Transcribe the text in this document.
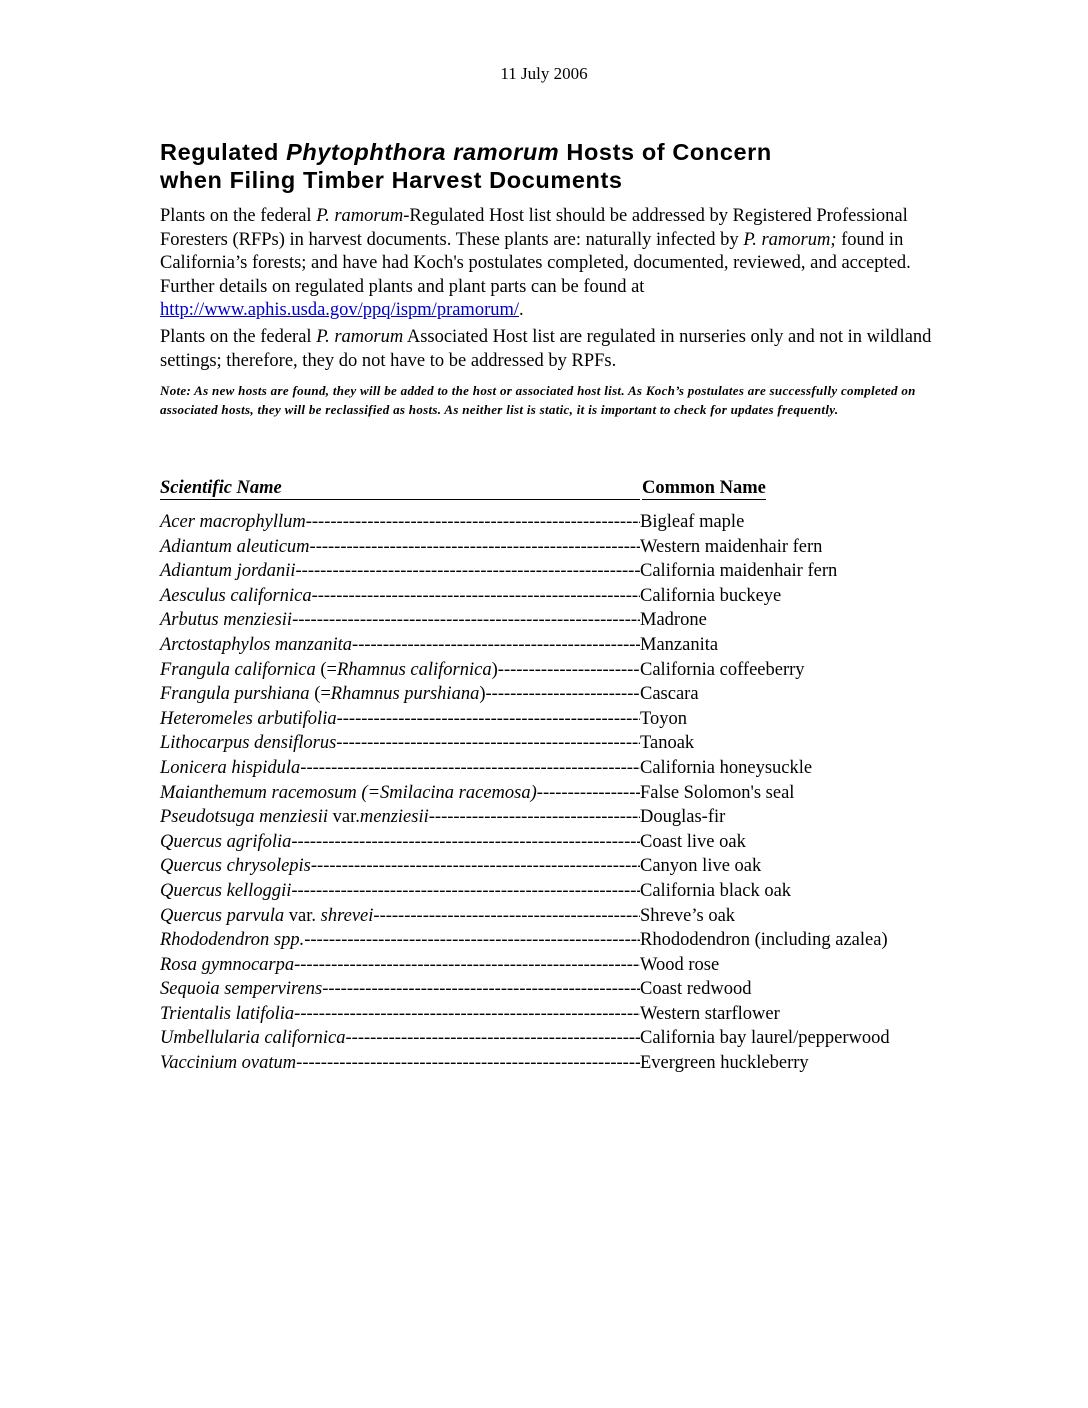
11 July 2006
Regulated Phytophthora ramorum Hosts of Concern
when Filing Timber Harvest Documents

Plants on the federal P. ramorum-Regulated Host list should be addressed by Registered Professional Foresters (RFPs) in harvest documents. These plants are: naturally infected by P. ramorum; found in California’s forests; and have had Koch's postulates completed, documented, reviewed, and accepted. Further details on regulated plants and plant parts can be found at http://www.aphis.usda.gov/ppq/ispm/pramorum/.

Plants on the federal P. ramorum Associated Host list are regulated in nurseries only and not in wildland settings; therefore, they do not have to be addressed by RPFs.

Note: As new hosts are found, they will be added to the host or associated host list. As Koch’s postulates are successfully completed on associated hosts, they will be reclassified as hosts. As neither list is static, it is important to check for updates frequently.

Scientific Name	Common Name
Acer macrophyllum -----	Bigleaf maple
Adiantum aleuticum -----	Western maidenhair fern
Adiantum jordanii -----	California maidenhair fern
Aesculus californica -----	California buckeye
Arbutus menziesii -----	Madrone
Arctostaphylos manzanita -----	Manzanita
Frangula californica (=Rhamnus californica) -----	California coffeeberry
Frangula purshiana (=Rhamnus purshiana) -----	Cascara
Heteromeles arbutifolia -----	Toyon
Lithocarpus densiflorus -----	Tanoak
Lonicera hispidula -----	California honeysuckle
Maianthemum racemosum (=Smilacina racemosa) -----	False Solomon's seal
Pseudotsuga menziesii var.menziesii -----	Douglas-fir
Quercus agrifolia -----	Coast live oak
Quercus chrysolepis -----	Canyon live oak
Quercus kelloggii -----	California black oak
Quercus parvula var. shrevei -----	Shreve’s oak
Rhododendron spp. -----	Rhododendron (including azalea)
Rosa gymnocarpa -----	Wood rose
Sequoia sempervirens -----	Coast redwood
Trientalis latifolia -----	Western starflower
Umbellularia californica -----	California bay laurel/pepperwood
Vaccinium ovatum -----	Evergreen huckleberry
